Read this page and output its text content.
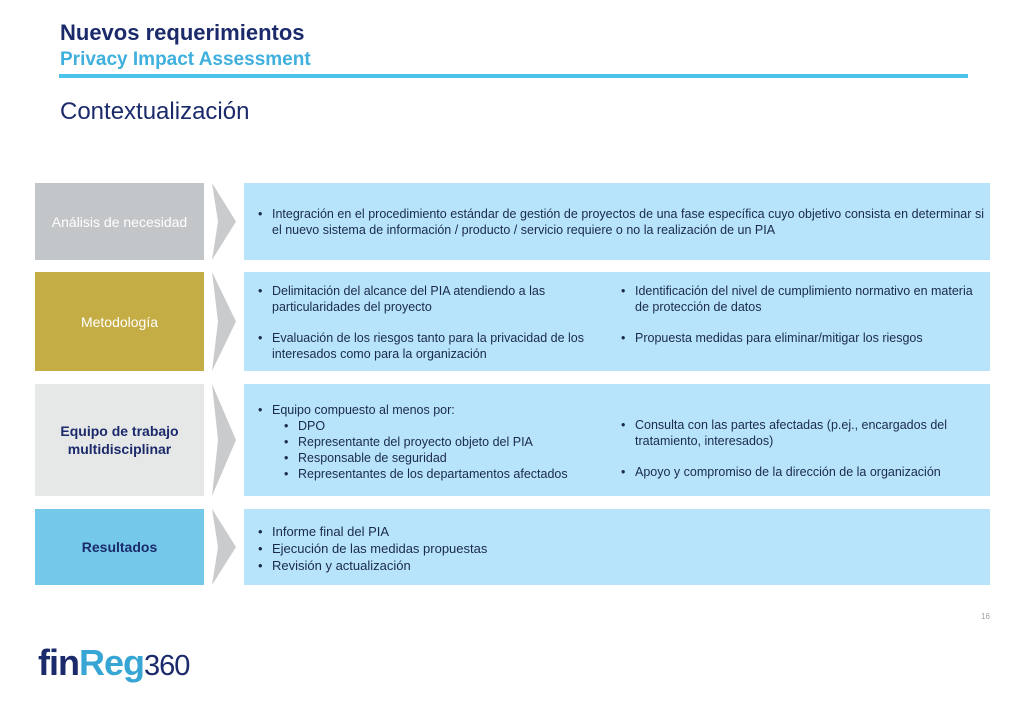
Nuevos requerimientos
Privacy Impact Assessment
Contextualización
Análisis de necesidad
•	Integración en el procedimiento estándar de gestión de proyectos de una fase específica cuyo objetivo consista en determinar si el nuevo sistema de información / producto / servicio requiere o no la realización de un PIA
Metodología
• Delimitación del alcance del PIA atendiendo a las particularidades del proyecto
• Evaluación de los riesgos tanto para la privacidad de los interesados como para la organización
• Identificación del nivel de cumplimiento normativo en materia de protección de datos
• Propuesta medidas para eliminar/mitigar los riesgos
Equipo de trabajo multidisciplinar
• Equipo compuesto al menos por:
• DPO
• Representante del proyecto objeto del PIA
• Responsable de seguridad
• Representantes de los departamentos afectados
• Consulta con las partes afectadas (p.ej., encargados del tratamiento, interesados)
• Apoyo y compromiso de la dirección de la organización
Resultados
• Informe final del PIA
• Ejecución de las medidas propuestas
• Revisión y actualización
16
finReg360
